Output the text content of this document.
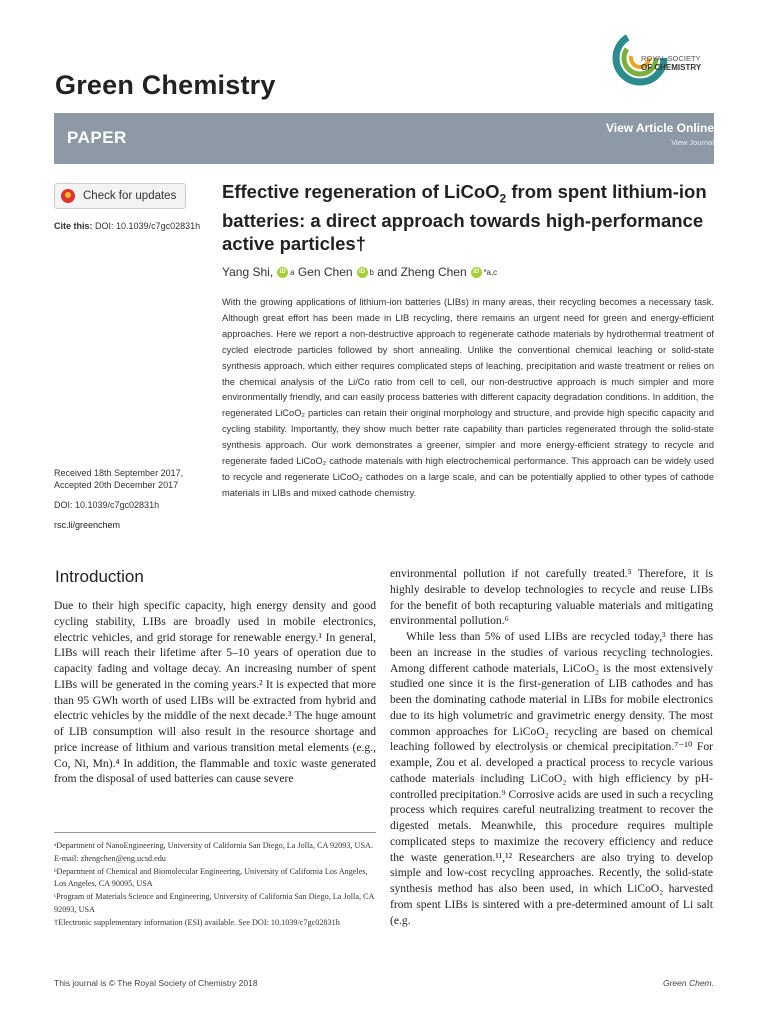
Green Chemistry
ROYAL SOCIETY
OF CHEMISTRY
PAPER	View Article Online
View Journal
Check for updates
Cite this: DOI: 10.1039/c7gc02831h
Effective regeneration of LiCoO$_2$ from spent lithium-ion batteries: a direct approach towards high-performance active particles†
Yang Shi,	iD a
Gen Chen	iD b
and Zheng Chen	iD *a,c
With the growing applications of lithium-ion batteries (LIBs) in many areas, their recycling becomes a necessary task. Although great effort has been made in LIB recycling, there remains an urgent need for green and energy-efficient approaches. Here we report a non-destructive approach to regenerate cathode materials by hydrothermal treatment of cycled electrode particles followed by short annealing. Unlike the conventional chemical leaching or solid-state synthesis approach, which either requires complicated steps of leaching, precipitation and waste treatment or relies on the chemical analysis of the Li/Co ratio from cell to cell, our non-destructive approach is much simpler and more environmentally friendly, and can easily process batteries with different capacity degradation conditions. In addition, the regenerated LiCoO₂ particles can retain their original morphology and structure, and provide high specific capacity and cycling stability. Importantly, they show much better rate capability than particles regenerated through the solid-state synthesis approach. Our work demonstrates a greener, simpler and more energy-efficient strategy to recycle and regenerate faded LiCoO₂ cathode materials with high electrochemical performance. This approach can be widely used to recycle and regenerate LiCoO₂ cathodes on a large scale, and can be potentially applied to other types of cathode materials in LIBs and mixed cathode chemistry.
Received 18th September 2017,
Accepted 20th December 2017
DOI: 10.1039/c7gc02831h
rsc.li/greenchem
Introduction

Due to their high specific capacity, high energy density and good cycling stability, LIBs are broadly used in mobile electronics, electric vehicles, and grid storage for renewable energy.¹ In general, LIBs will reach their lifetime after 5–10 years of operation due to capacity fading and voltage decay. An increasing number of spent LIBs will be generated in the coming years.² It is expected that more than 95 GWh worth of used LIBs will be extracted from hybrid and electric vehicles by the middle of the next decade.³ The huge amount of LIB consumption will also result in the resource shortage and price increase of lithium and various transition metal elements (e.g., Co, Ni, Mn).⁴ In addition, the flammable and toxic waste generated from the disposal of used batteries can cause severe

environmental pollution if not carefully treated.⁵ Therefore, it is highly desirable to develop technologies to recycle and reuse LIBs for the benefit of both recapturing valuable materials and mitigating environmental pollution.⁶

While less than 5% of used LIBs are recycled today,³ there has been an increase in the studies of various recycling technologies. Among different cathode materials, LiCoO₂ is the most extensively studied one since it is the first-generation of LIB cathodes and has been the dominating cathode material in LIBs for mobile electronics due to its high volumetric and gravimetric energy density. The most common approaches for LiCoO₂ recycling are based on chemical leaching followed by electrolysis or chemical precipitation.⁷⁻¹⁰ For example, Zou et al. developed a practical process to recycle various cathode materials including LiCoO₂ with high efficiency by pH-controlled precipitation.⁹ Corrosive acids are used in such a recycling process which requires careful neutralizing treatment to recover the digested metals. Meanwhile, this procedure requires multiple complicated steps to maximize the recovery efficiency and reduce the waste generation.¹¹,¹² Researchers are also trying to develop simple and low-cost recycling approaches. Recently, the solid-state synthesis method has also been used, in which LiCoO₂ harvested from spent LIBs is sintered with a pre-determined amount of Li salt (e.g.

ᵃDepartment of NanoEngineering, University of California San Diego, La Jolla, CA 92093, USA. E-mail: zhengchen@eng.ucsd.edu

ᵇDepartment of Chemical and Biomolecular Engineering, University of California Los Angeles, Los Angeles, CA 90095, USA

ᶜProgram of Materials Science and Engineering, University of California San Diego, La Jolla, CA 92093, USA

†Electronic supplementary information (ESI) available. See DOI: 10.1039/c7gc02831h

This journal is © The Royal Society of Chemistry 2018	Green Chem.
